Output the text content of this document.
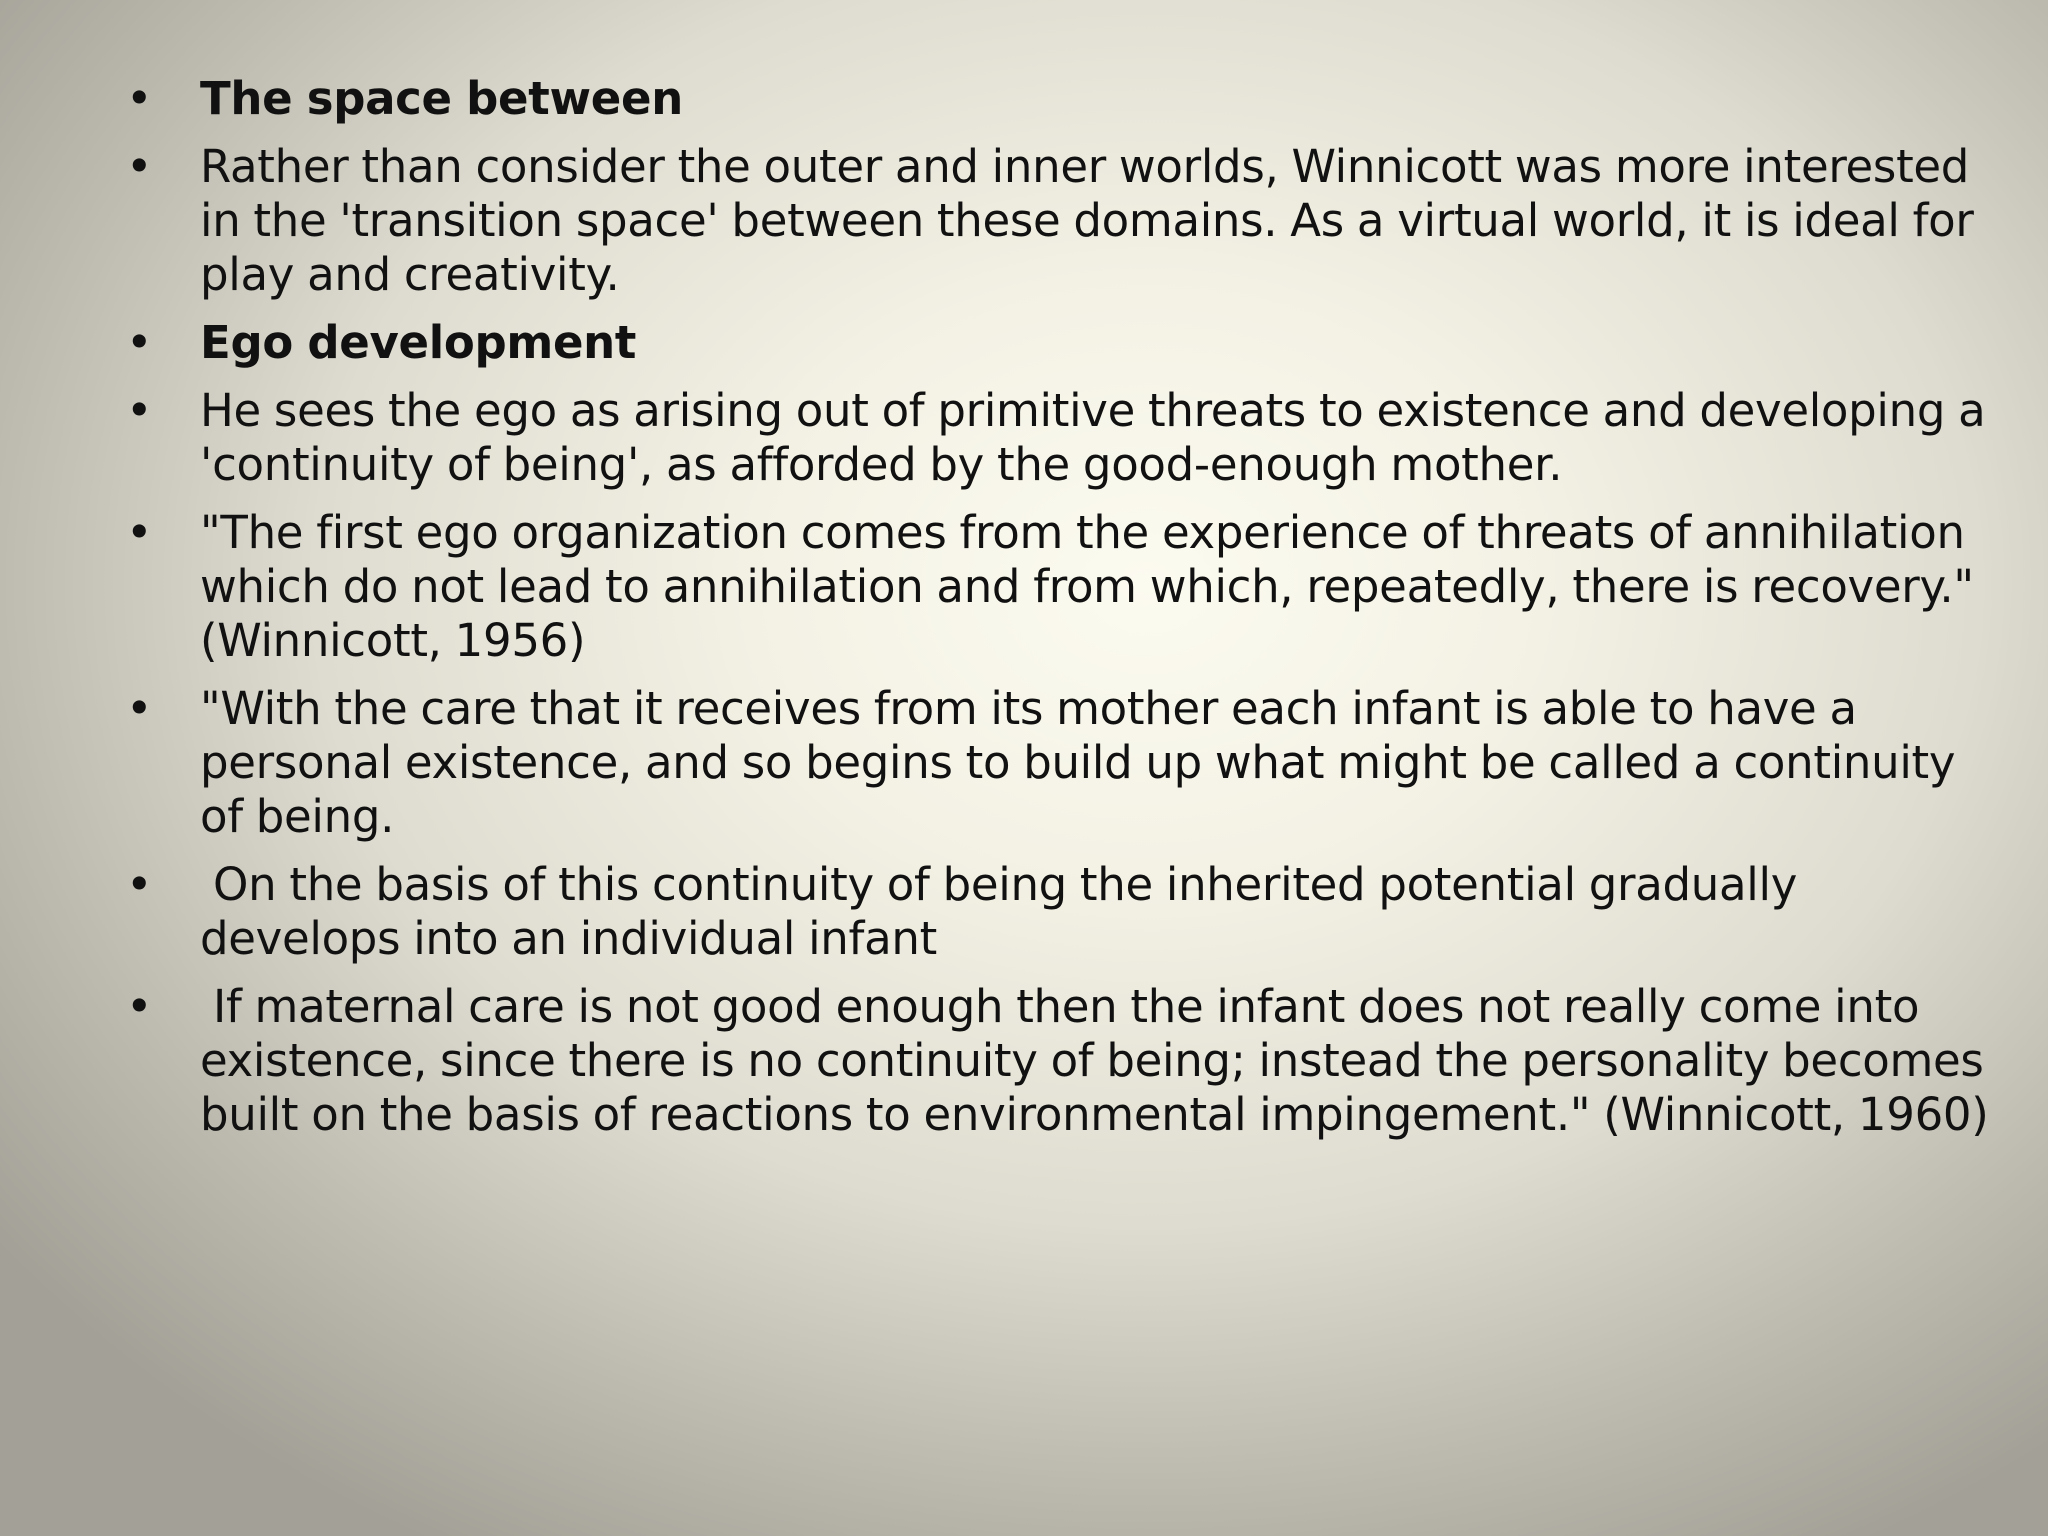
• The space between
• Rather than consider the outer and inner worlds, Winnicott was more interested in the 'transition space' between these domains. As a virtual world, it is ideal for play and creativity.
• Ego development
• He sees the ego as arising out of primitive threats to existence and developing a 'continuity of being', as afforded by the good-enough mother.
• "The first ego organization comes from the experience of threats of annihilation which do not lead to annihilation and from which, repeatedly, there is recovery."  (Winnicott, 1956)
• "With the care that it receives from its mother each infant is able to have a personal existence, and so begins to build up what might be called a continuity of being.
• On the basis of this continuity of being the inherited potential gradually develops into an individual infant
• If maternal care is not good enough then the infant does not really come into existence, since there is no continuity of being; instead the personality becomes built on the basis of reactions to environmental impingement." (Winnicott, 1960)
